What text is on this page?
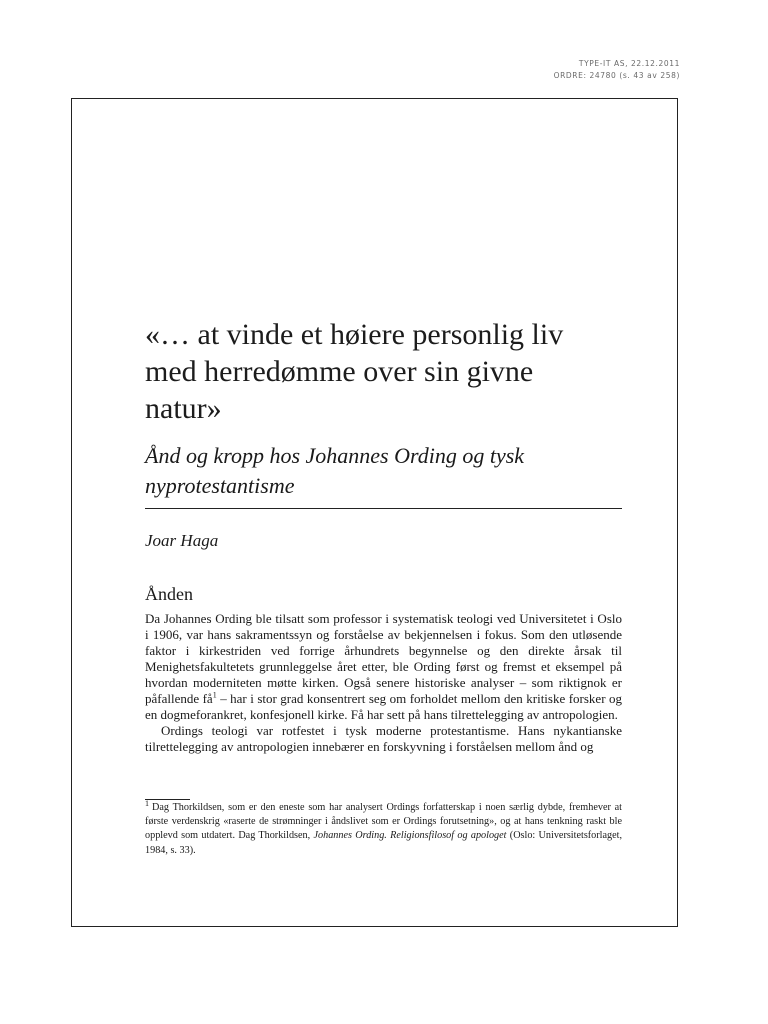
TYPE-IT AS, 22.12.2011
ORDRE: 24780 (s. 43 av 258)
«… at vinde et høiere personlig liv
med herredømme over sin givne
natur»
Ånd og kropp hos Johannes Ording og tysk
nyprotestantisme
Joar Haga
Ånden

Da Johannes Ording ble tilsatt som professor i systematisk teologi ved Universitetet i Oslo i 1906, var hans sakramentssyn og forståelse av bekjennelsen i fokus. Som den utløsende faktor i kirkestriden ved forrige århundrets begynnelse og den direkte årsak til Menighetsfakultetets grunnleggelse året etter, ble Ording først og fremst et eksempel på hvordan moderniteten møtte kirken. Også senere historiske analyser – som riktignok er påfallende få$^1$ – har i stor grad konsentrert seg om forholdet mellom den kritiske forsker og en dogmeforankret, konfesjonell kirke. Få har sett på hans tilrettelegging av antropologien.

Ordings teologi var rotfestet i tysk moderne protestantisme. Hans nykantianske tilrettelegging av antropologien innebærer en forskyvning i forståelsen mellom ånd og

$^1$ Dag Thorkildsen, som er den eneste som har analysert Ordings forfatterskap i noen særlig dybde, fremhever at første verdenskrig «raserte de strømninger i åndslivet som er Ordings forutsetning», og at hans tenkning raskt ble opplevd som utdatert. Dag Thorkildsen, Johannes Ording. Religionsfilosof og apologet (Oslo: Universitetsforlaget, 1984, s. 33).
